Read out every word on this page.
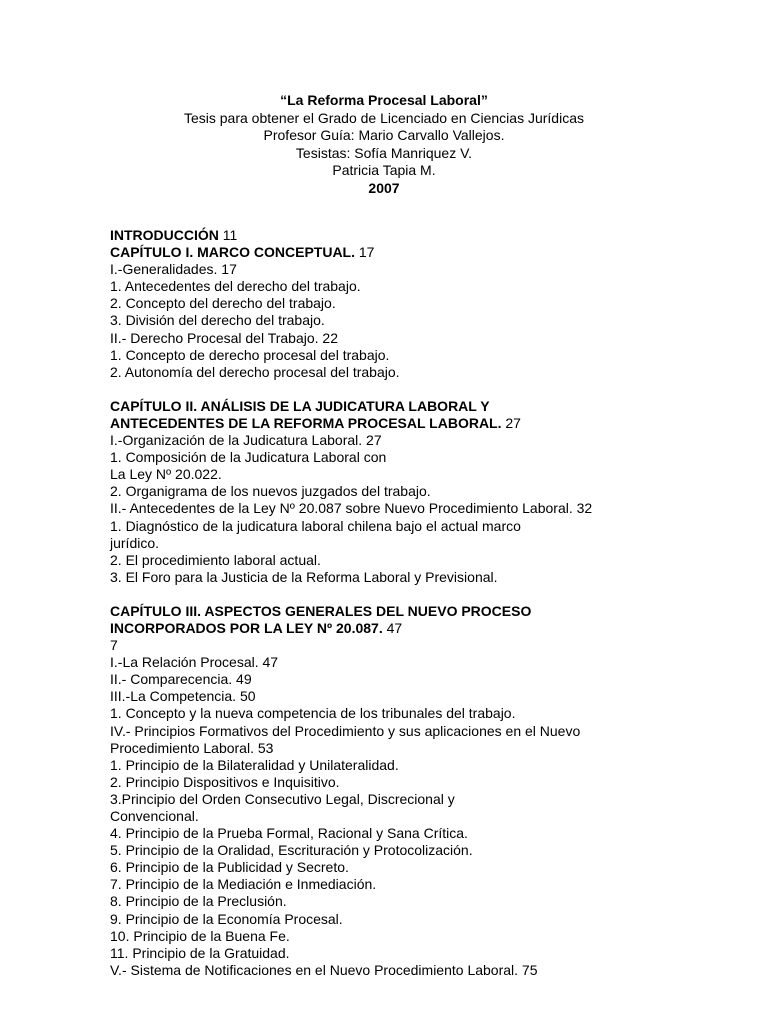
“La Reforma Procesal Laboral”
Tesis para obtener el Grado de Licenciado en Ciencias Jurídicas
Profesor Guía: Mario Carvallo Vallejos.
Tesistas: Sofía Manriquez V.
Patricia Tapia M.
2007
INTRODUCCIÓN 11
CAPÍTULO I. MARCO CONCEPTUAL. 17
I.-Generalidades. 17
1. Antecedentes del derecho del trabajo.
2. Concepto del derecho del trabajo.
3. División del derecho del trabajo.
II.- Derecho Procesal del Trabajo. 22
1. Concepto de derecho procesal del trabajo.
2. Autonomía del derecho procesal del trabajo.
CAPÍTULO II. ANÁLISIS DE LA JUDICATURA LABORAL Y
ANTECEDENTES DE LA REFORMA PROCESAL LABORAL. 27
I.-Organización de la Judicatura Laboral. 27
1. Composición de la Judicatura Laboral con
La Ley Nº 20.022.
2. Organigrama de los nuevos juzgados del trabajo.
II.- Antecedentes de la Ley Nº 20.087 sobre Nuevo Procedimiento Laboral. 32
1. Diagnóstico de la judicatura laboral chilena bajo el actual marco
jurídico.
2. El procedimiento laboral actual.
3. El Foro para la Justicia de la Reforma Laboral y Previsional.
CAPÍTULO III. ASPECTOS GENERALES DEL NUEVO PROCESO
INCORPORADOS POR LA LEY Nº 20.087. 47
7
I.-La Relación Procesal. 47
II.- Comparecencia. 49
III.-La Competencia. 50
1. Concepto y la nueva competencia de los tribunales del trabajo.
IV.- Principios Formativos del Procedimiento y sus aplicaciones en el Nuevo
Procedimiento Laboral. 53
1. Principio de la Bilateralidad y Unilateralidad.
2. Principio Dispositivos e Inquisitivo.
3.Principio del Orden Consecutivo Legal, Discrecional y
Convencional.
4. Principio de la Prueba Formal, Racional y Sana Crítica.
5. Principio de la Oralidad, Escrituración y Protocolización.
6. Principio de la Publicidad y Secreto.
7. Principio de la Mediación e Inmediación.
8. Principio de la Preclusión.
9. Principio de la Economía Procesal.
10. Principio de la Buena Fe.
11. Principio de la Gratuidad.
V.- Sistema de Notificaciones en el Nuevo Procedimiento Laboral. 75
